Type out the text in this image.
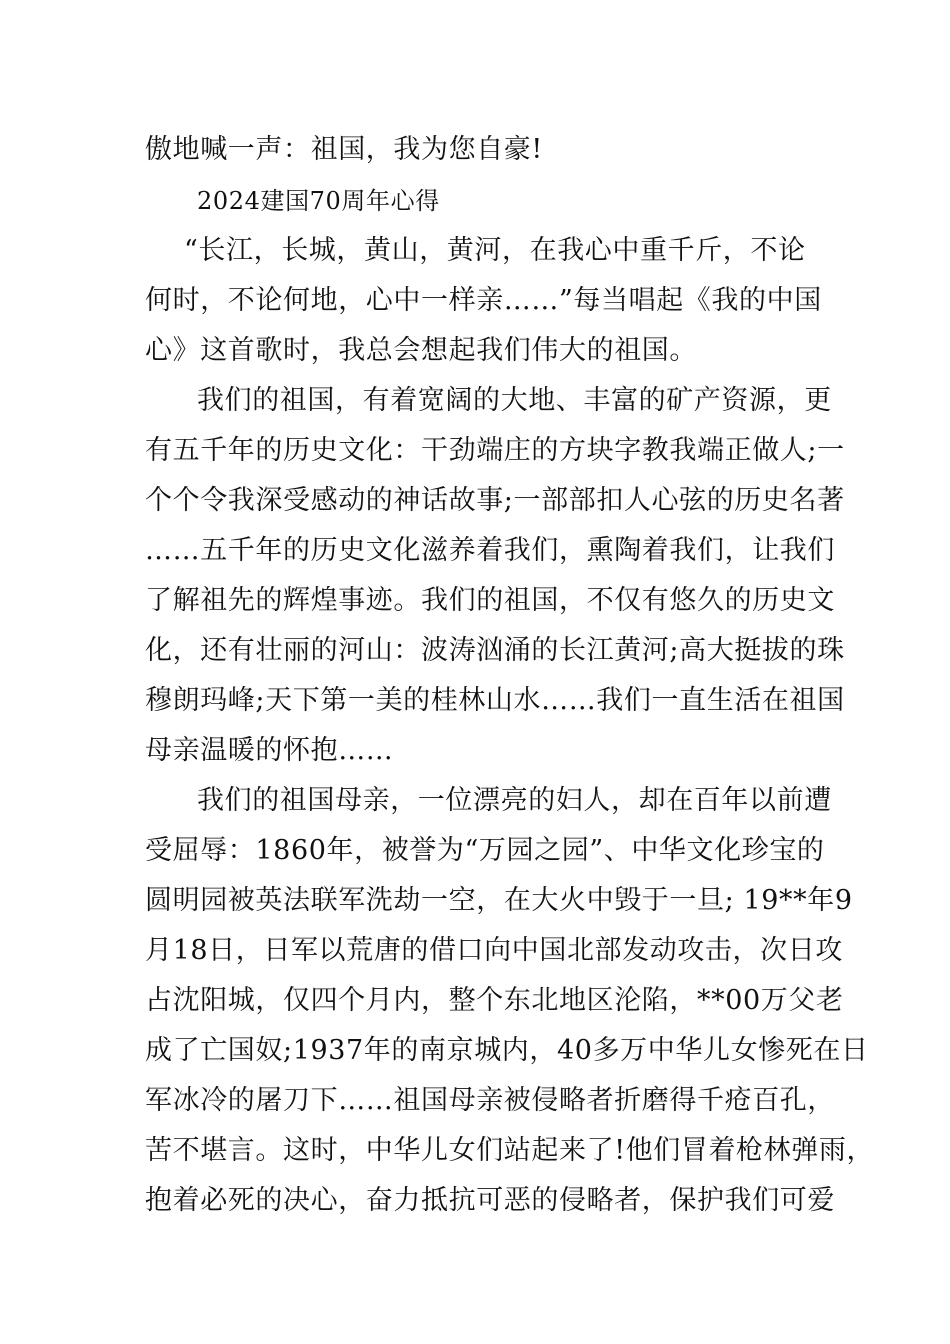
傲地喊一声：祖国，我为您自豪!
2024建国70周年心得
“长江，长城，黄山，黄河，在我心中重千斤，不论
何时，不论何地，心中一样亲……”每当唱起《我的中国
心》这首歌时，我总会想起我们伟大的祖国。
我们的祖国，有着宽阔的大地、丰富的矿产资源，更
有五千年的历史文化：干劲端庄的方块字教我端正做人;一
个个令我深受感动的神话故事;一部部扣人心弦的历史名著
……五千年的历史文化滋养着我们，熏陶着我们，让我们
了解祖先的辉煌事迹。我们的祖国，不仅有悠久的历史文
化，还有壮丽的河山：波涛汹涌的长江黄河;高大挺拔的珠
穆朗玛峰;天下第一美的桂林山水……我们一直生活在祖国
母亲温暖的怀抱……
我们的祖国母亲，一位漂亮的妇人，却在百年以前遭
受屈辱：1860年，被誉为“万园之园”、中华文化珍宝的
圆明园被英法联军洗劫一空，在大火中毁于一旦; 19**年9
月18日，日军以荒唐的借口向中国北部发动攻击，次日攻
占沈阳城，仅四个月内，整个东北地区沦陷，**00万父老
成了亡国奴;1937年的南京城内，40多万中华儿女惨死在日
军冰冷的屠刀下……祖国母亲被侵略者折磨得千疮百孔，
苦不堪言。这时，中华儿女们站起来了!他们冒着枪林弹雨，
抱着必死的决心，奋力抵抗可恶的侵略者，保护我们可爱
